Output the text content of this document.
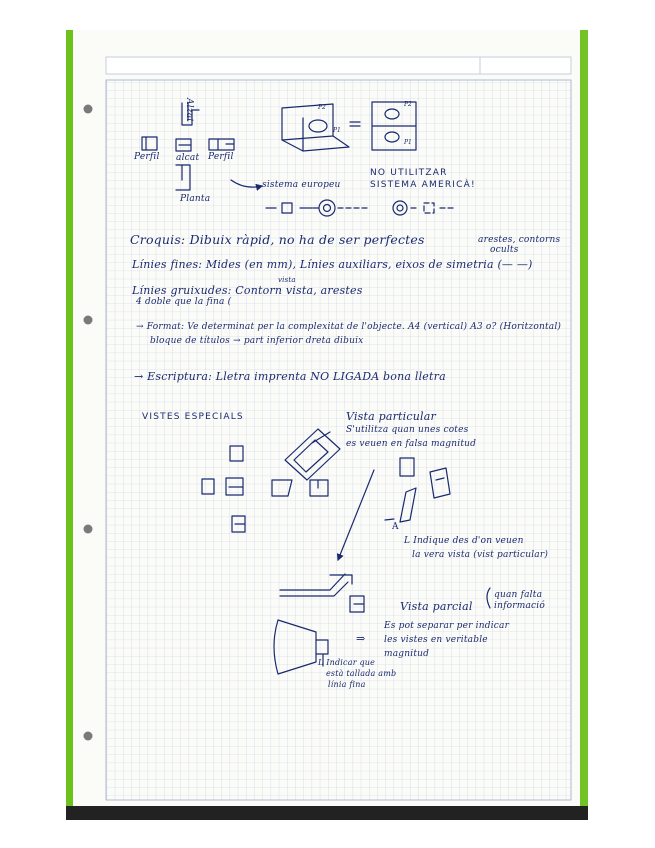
P2
P1
P2
P1
Alzat
Perfil alcat Perfil
Planta
sistema europeu
NO UTILITZAR
SISTEMA AMERICÀ!
Croquis: Dibuix ràpid, no ha de ser perfectes	arestes, contorns
ocults
Línies fines: Mides (en mm), Línies auxiliars, eixos de simetria (— —)
vista
Línies gruixudes: Contorn vista, arestes
4 doble que la fina (
→ Format: Ve determinat per la complexitat de l'objecte. A4 (vertical) A3 o? (Horitzontal)
bloque de títulos → part inferior dreta dibuix
→ Escriptura: Lletra imprenta NO LIGADA bona lletra
VISTES ESPECIALS	Vista particular
S'utilitza quan unes cotes
es veuen en falsa magnitud
A
L Indique des d'on veuen
la vera vista (vist particular)
Vista parcial
quan falta
informació
Es pot separar per indicar
⇒ les vistes en veritable
magnitud
L Indicar que
està tallada amb
línia fina
